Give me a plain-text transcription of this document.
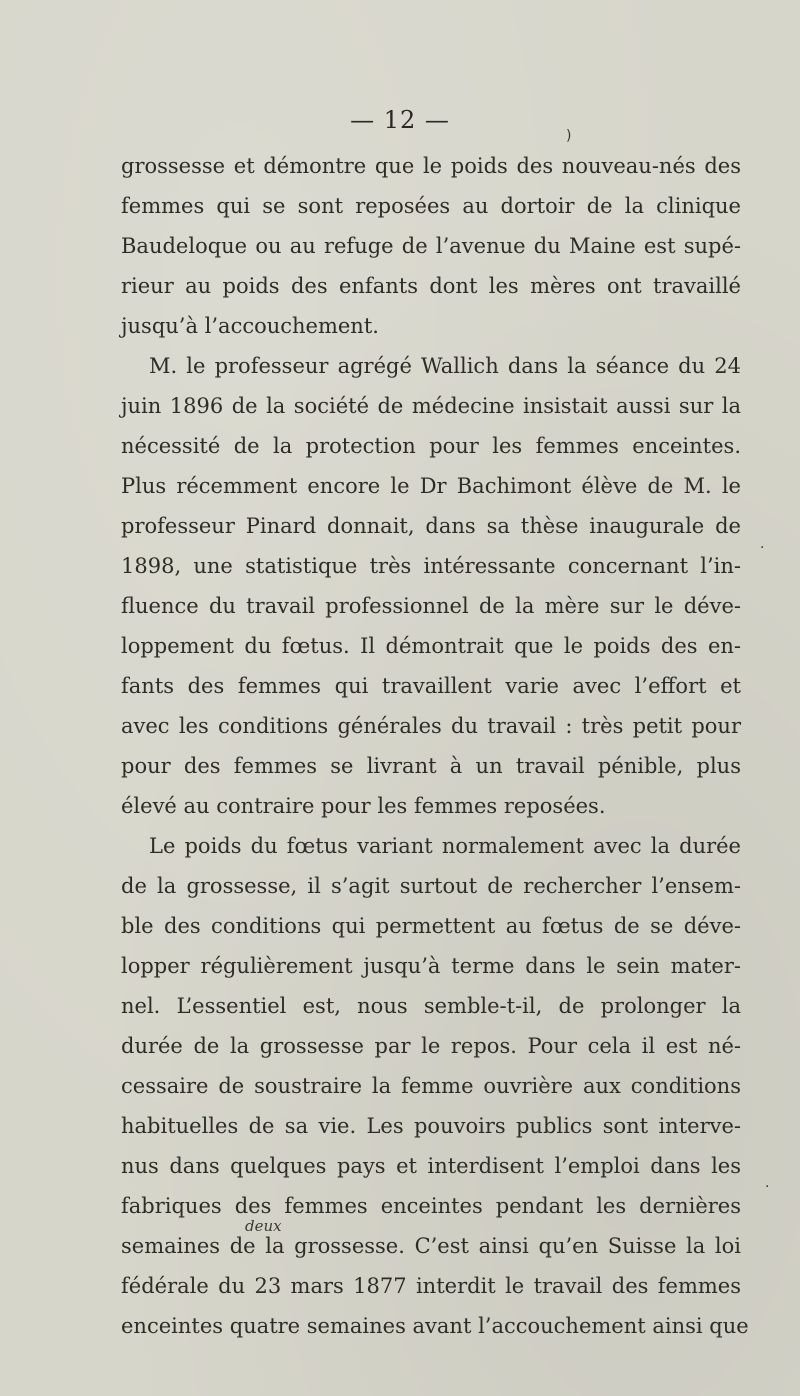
— 12 —
)
.
.
grossesse et démontre que le poids des nouveau-nés des
femmes qui se sont reposées au dortoir de la clinique
Baudeloque ou au refuge de l’avenue du Maine est supé-
rieur au poids des enfants dont les mères ont travaillé
jusqu’à l’accouchement.
M. le professeur agrégé Wallich dans la séance du 24
juin 1896 de la société de médecine insistait aussi sur la
nécessité de la protection pour les femmes enceintes.
Plus récemment encore le Dr Bachimont élève de M. le
professeur Pinard donnait, dans sa thèse inaugurale de
1898, une statistique très intéressante concernant l’in-
fluence du travail professionnel de la mère sur le déve-
loppement du fœtus. Il démontrait que le poids des en-
fants des femmes qui travaillent varie avec l’effort et
avec les conditions générales du travail : très petit pour
pour des femmes se livrant à un travail pénible, plus
élevé au contraire pour les femmes reposées.
Le poids du fœtus variant normalement avec la durée
de la grossesse, il s’agit surtout de rechercher l’ensem-
ble des conditions qui permettent au fœtus de se déve-
lopper régulièrement jusqu’à terme dans le sein mater-
nel. L’essentiel est, nous semble-t-il, de prolonger la
durée de la grossesse par le repos. Pour cela il est né-
cessaire de soustraire la femme ouvrière aux conditions
habituelles de sa vie. Les pouvoirs publics sont interve-
nus dans quelques pays et interdisent l’emploi dans les
fabriques des femmes enceintes pendant les dernières
semaines de la grossesse. C’est ainsi qu’en Suisse la loi
fédérale du 23 mars 1877 interdit le travail des femmes
enceintes quatre semaines avant l’accouchement ainsi que
deux
